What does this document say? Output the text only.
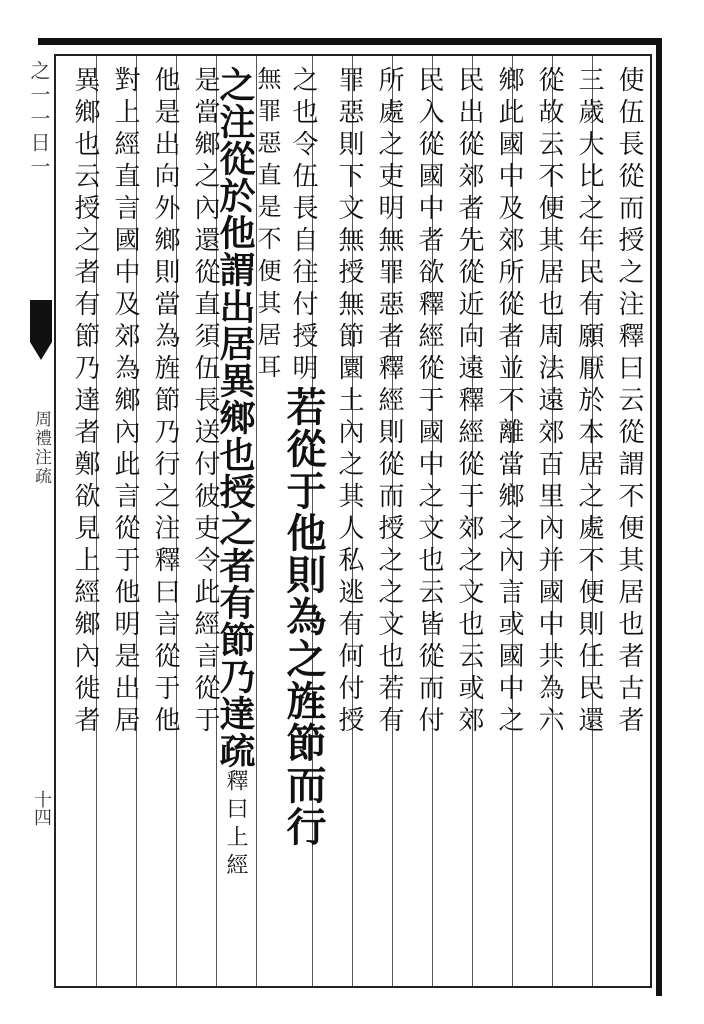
之一一日一
周禮注疏
十四
使伍長從而授之注釋曰云從謂不便其居也者古者
三歲大比之年民有願厭於本居之處不便則任民還
從故云不便其居也周法遠郊百里內并國中共為六
鄉此國中及郊所從者並不離當鄉之內言或國中之
民出從郊者先從近向遠釋經從于郊之文也云或郊
民入從國中者欲釋經從于國中之文也云皆從而付
所處之吏明無罪惡者釋經則從而授之之文也若有
罪惡則下文無授無節圜土內之其人私逃有何付授
之也令伍長自往付授明若從于他則為之旌節而行
無罪惡直是不便其居耳
之注從於他謂出居異鄉也授之者有節乃達疏釋曰上經
是當鄉之內還從直須伍長送付彼吏令此經言從于
他是出向外鄉則當為旌節乃行之注釋曰言從于他
對上經直言國中及郊為鄉內此言從于他明是出居
異鄉也云授之者有節乃達者鄭欲見上經鄉內徙者
